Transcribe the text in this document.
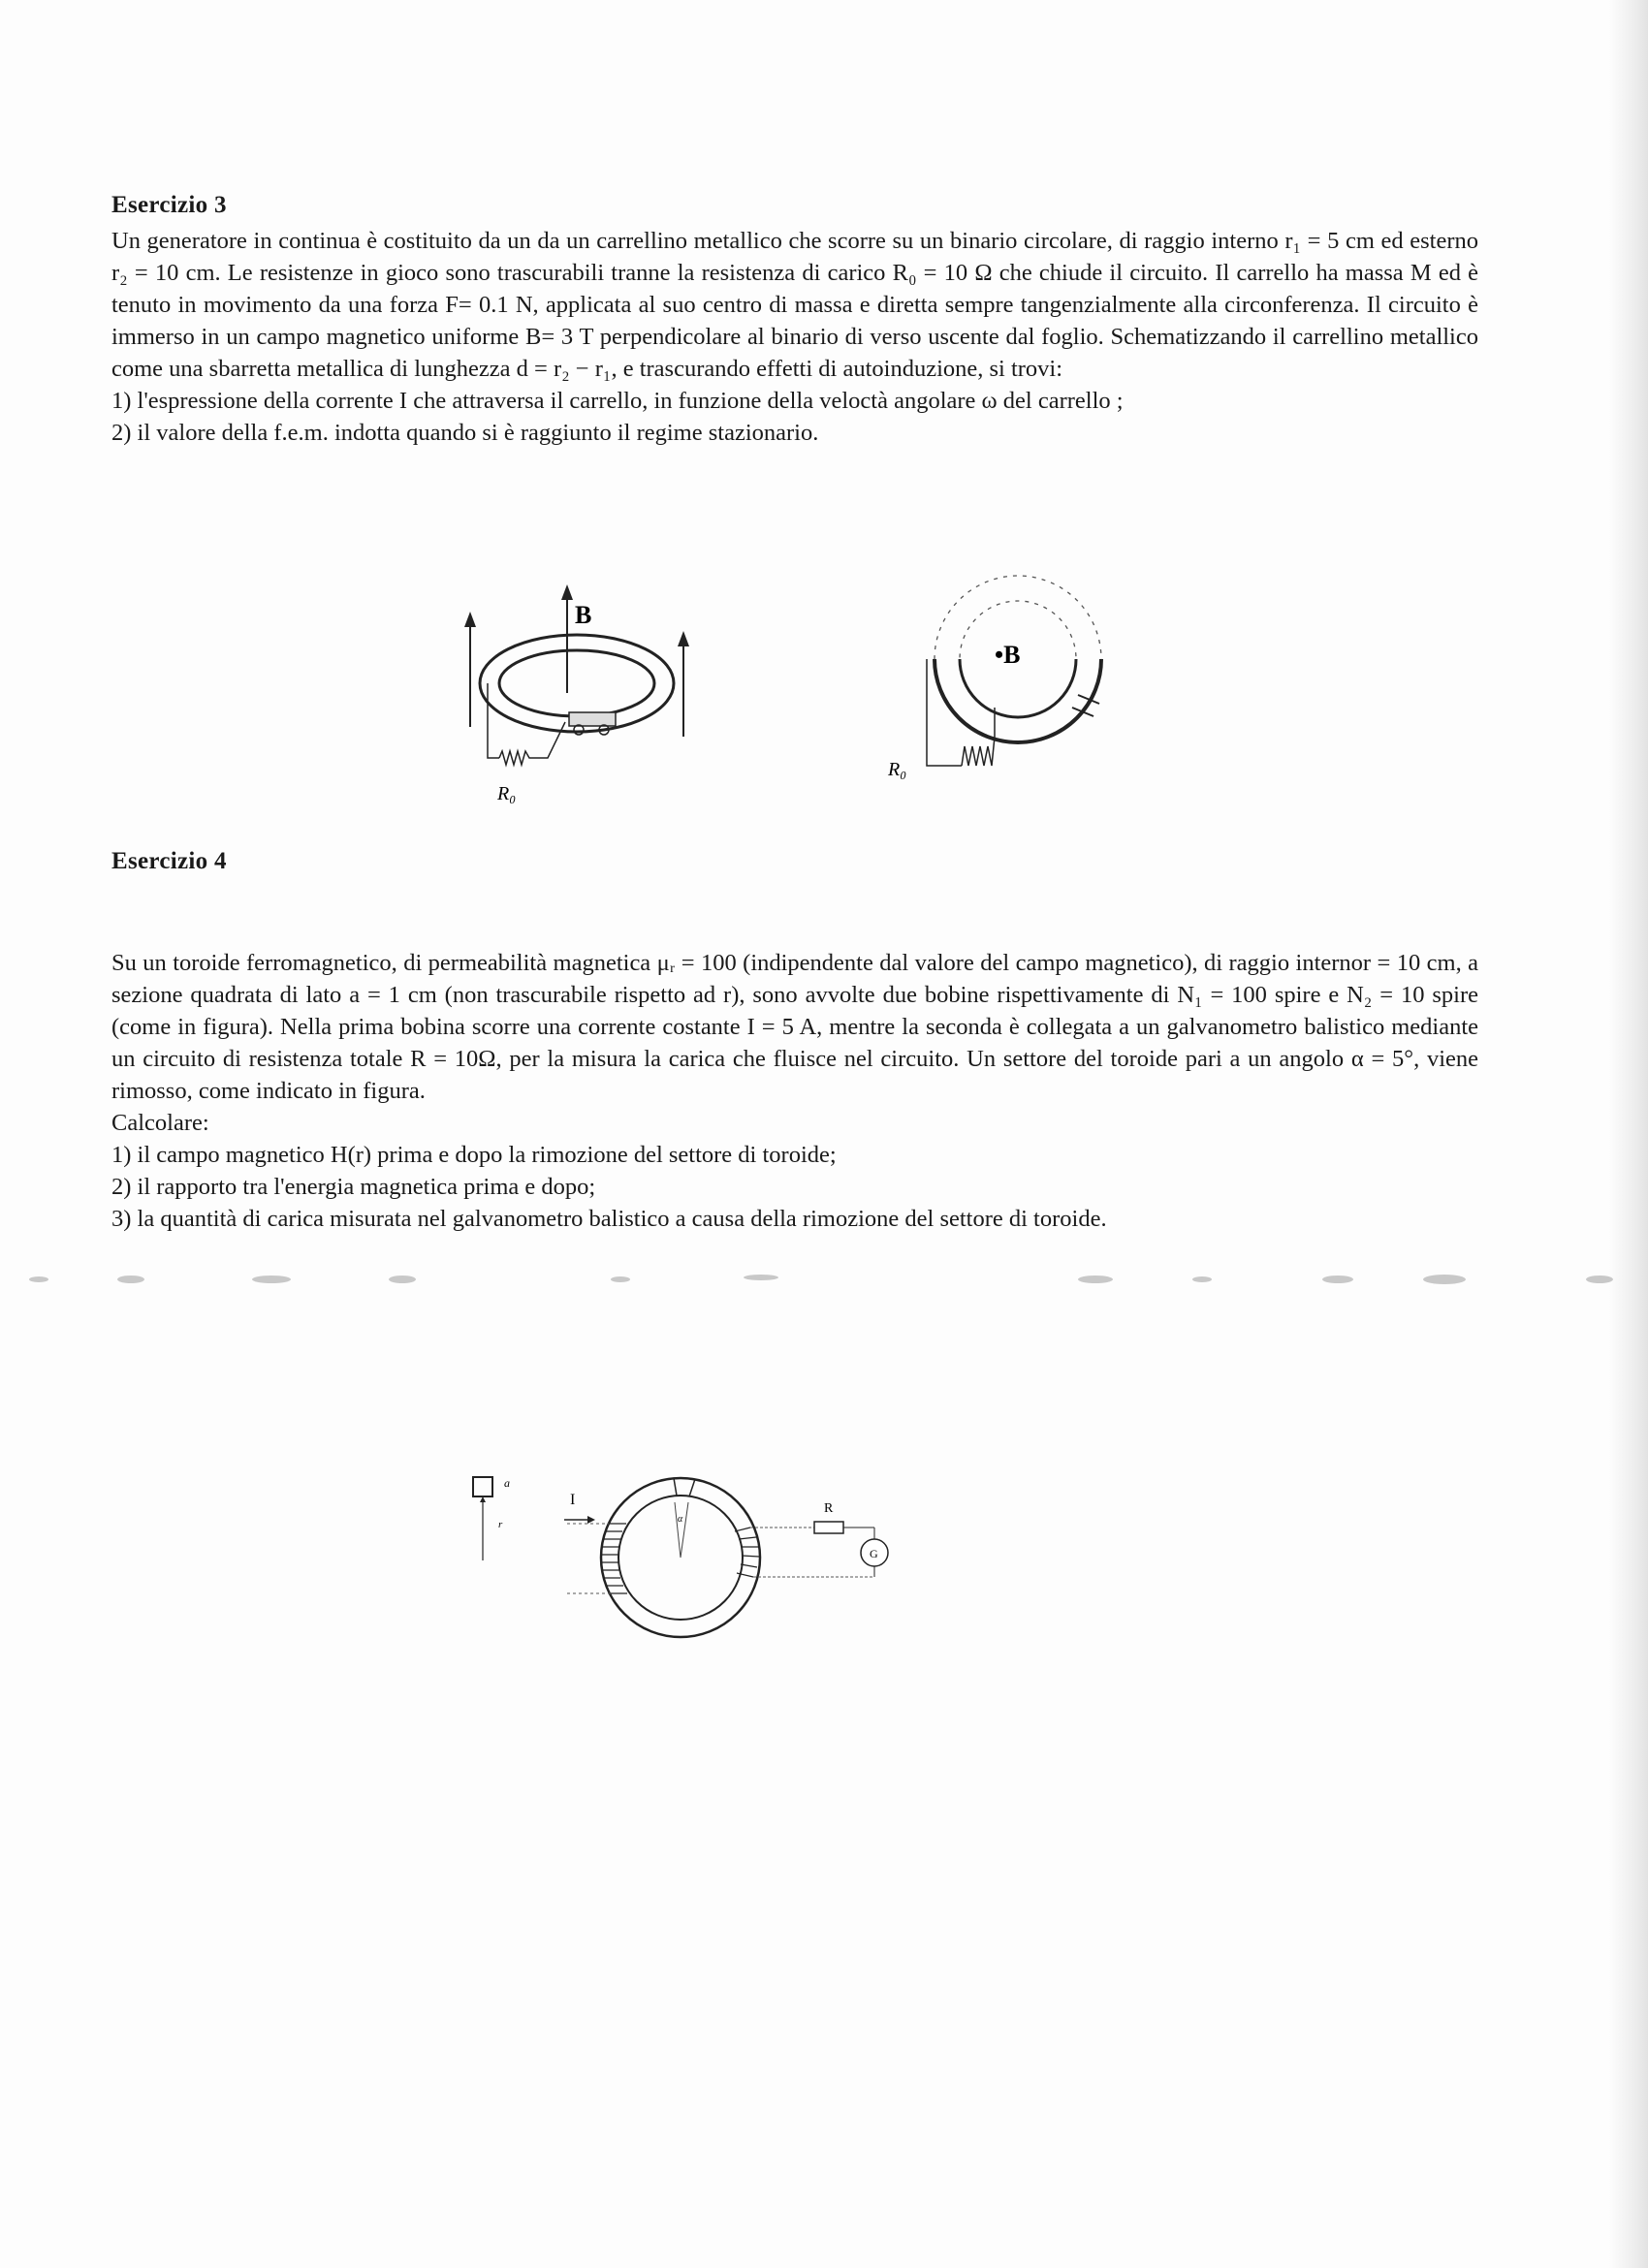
Esercizio 3

Un generatore in continua è costituito da un da un carrellino metallico che scorre su un binario circolare, di raggio interno r₁ = 5 cm ed esterno r₂ = 10 cm. Le resistenze in gioco sono trascurabili tranne la resistenza di carico R₀ = 10 Ω che chiude il circuito. Il carrello ha massa M ed è tenuto in movimento da una forza F= 0.1 N, applicata al suo centro di massa e diretta sempre tangenzialmente alla circonferenza. Il circuito è immerso in un campo magnetico uniforme B= 3 T perpendicolare al binario di verso uscente dal foglio. Schematizzando il carrellino metallico come una sbarretta metallica di lunghezza d = r₂ − r₁, e trascurando effetti di autoinduzione, si trovi:

1) l'espressione della corrente I che attraversa il carrello, in funzione della veloctà angolare ω del carrello ;

2) il valore della f.e.m. indotta quando si è raggiunto il regime stazionario.

B
R₀
•B
R₀

Esercizio 4

Su un toroide ferromagnetico, di permeabilità magnetica μᵣ = 100 (indipendente dal valore del campo magnetico), di raggio internor = 10 cm, a sezione quadrata di lato a = 1 cm (non trascurabile rispetto ad r), sono avvolte due bobine rispettivamente di N₁ = 100 spire e N₂ = 10 spire (come in figura). Nella prima bobina scorre una corrente costante I = 5 A, mentre la seconda è collegata a un galvanometro balistico mediante un circuito di resistenza totale R = 10Ω, per la misura la carica che fluisce nel circuito. Un settore del toroide pari a un angolo α = 5°, viene rimosso, come indicato in figura.

Calcolare:

1) il campo magnetico H(r) prima e dopo la rimozione del settore di toroide;

2) il rapporto tra l'energia magnetica prima e dopo;

3) la quantità di carica misurata nel galvanometro balistico a causa della rimozione del settore di toroide.

a
r
I
α
R
G
